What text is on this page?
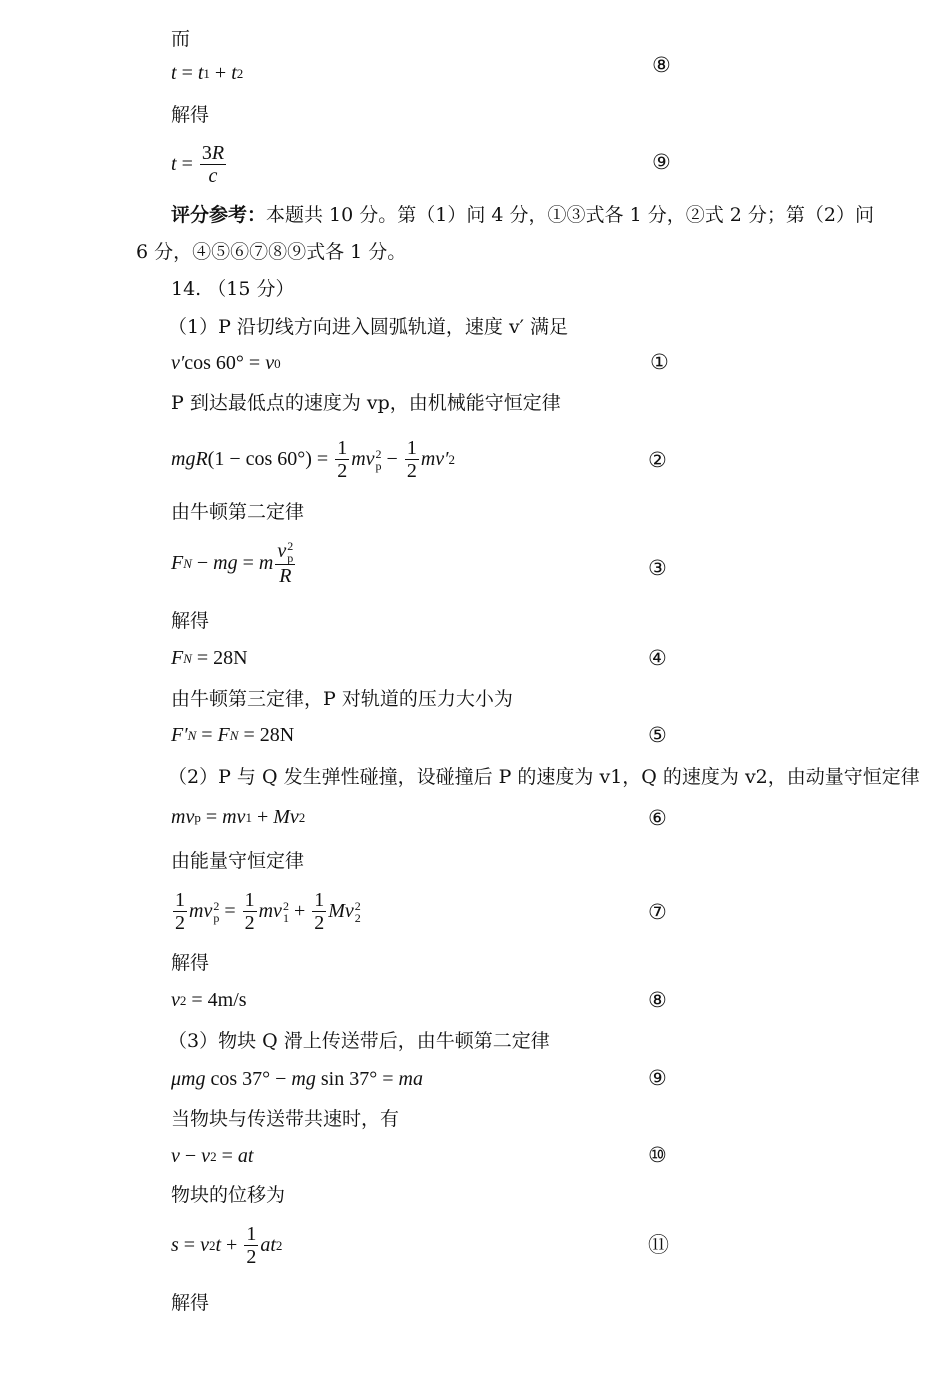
而
t = t 1 + t 2	⑧
解得
$t = \frac{3R}{c}$	⑨
评分参考：本题共 10 分。第（1）问 4 分，①③式各 1 分，②式 2 分；第（2）问
6 分，④⑤⑥⑦⑧⑨式各 1 分。
14. （15 分）
（1）P 沿切线方向进入圆弧轨道，速度 v′ 满足
v′ cos 60° = v 0	①
P 到达最低点的速度为 vp，由机械能守恒定律
mgR $(1 - \cos 60^\circ) = \frac{1}{2}$ mv 2
$p - \frac{1}{2} mv'$ 2	②
由牛顿第二定律
F N − mg = m v 2
p
R	③
解得
F N = 28N	④
由牛顿第三定律，P 对轨道的压力大小为
F′ N = F N = 28N	⑤
（2）P 与 Q 发生弹性碰撞，设碰撞后 P 的速度为 v1，Q 的速度为 v2，由动量守恒定律
mv p = mv 1 + Mv 2	⑥
由能量守恒定律
$\frac{1}{2}$ mv 2
$p = \frac{1}{2}$ mv 2
$1 + \frac{1}{2}$ Mv 2
2	⑦
解得
v 2 = 4m/s	⑧
（3）物块 Q 滑上传送带后，由牛顿第二定律
μmg cos 37° − mg sin 37° = ma	⑨
当物块与传送带共速时，有
v − v 2 = at	⑩
物块的位移为
s = v 2 $t + \frac{1}{2}$ at 2	⑪
解得
